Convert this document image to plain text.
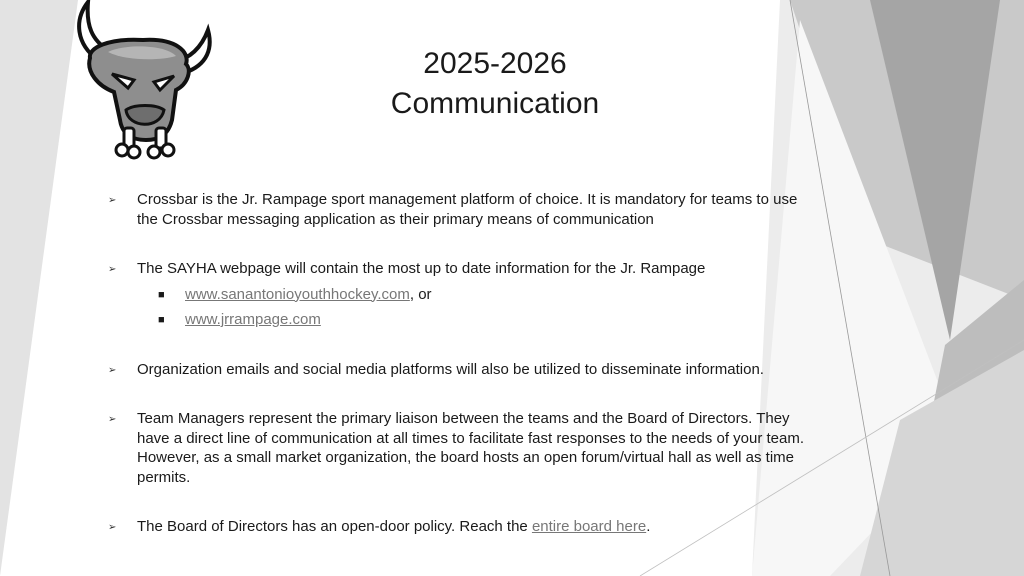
2025-2026
Communication
➢ Crossbar is the Jr. Rampage sport management platform of choice. It is mandatory for teams to use the Crossbar messaging application as their primary means of communication
➢ The SAYHA webpage will contain the most up to date information for the Jr. Rampage
■ www.sanantonioyouthhockey.com, or
■ www.jrrampage.com
➢ Organization emails and social media platforms will also be utilized to disseminate information.
➢ Team Managers represent the primary liaison between the teams and the Board of Directors. They have a direct line of communication at all times to facilitate fast responses to the needs of your team. However, as a small market organization, the board hosts an open forum/virtual hall as well as time permits.
➢ The Board of Directors has an open-door policy. Reach the entire board here.
